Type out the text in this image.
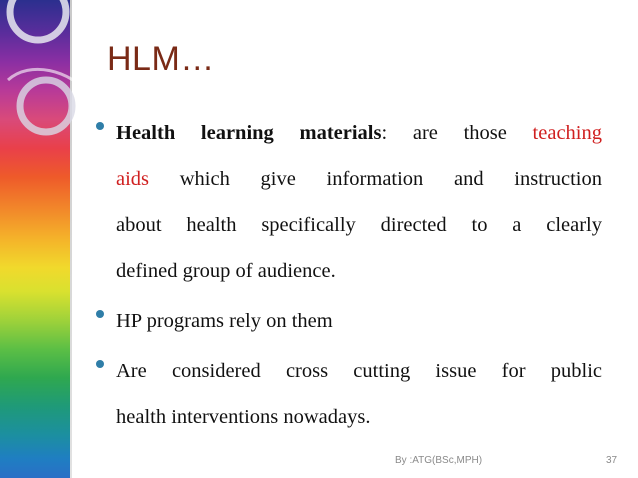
HLM…
Health learning materials: are those teaching
aids which give information and instruction
about health specifically directed to a clearly
defined group of audience.
HP programs rely on them
Are considered cross cutting issue for public
health interventions nowadays.
By :ATG(BSc,MPH)	37
